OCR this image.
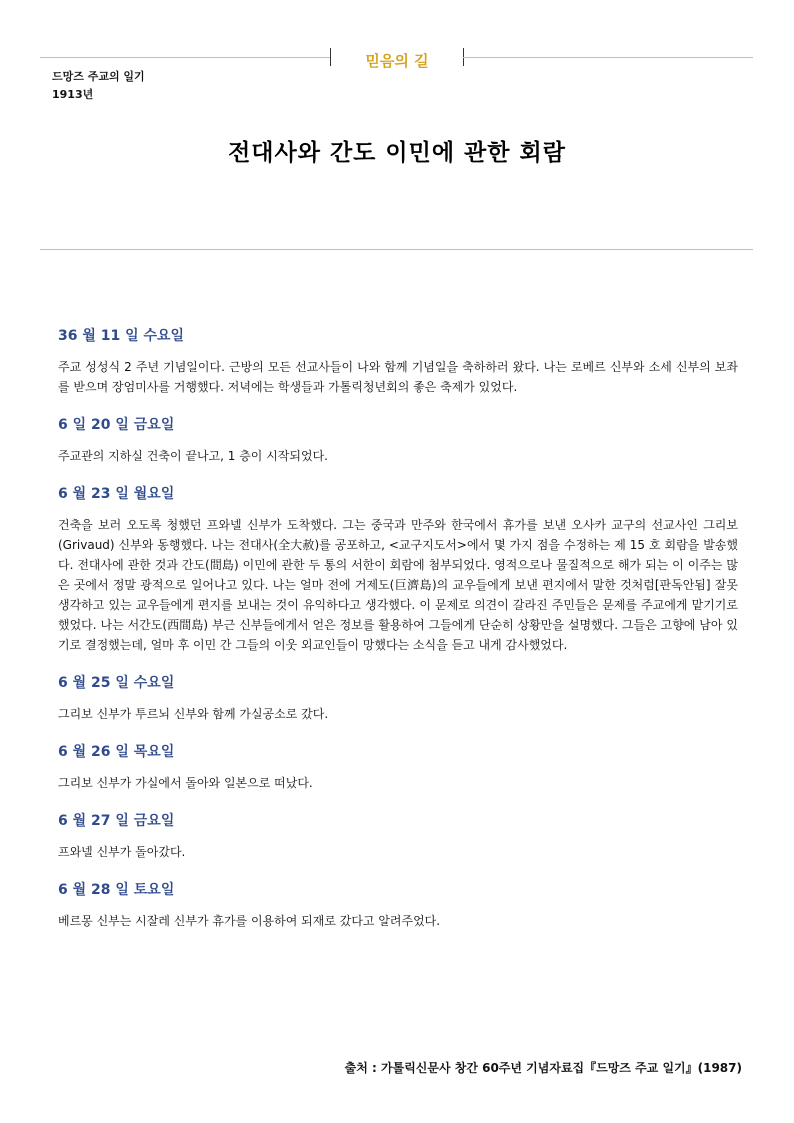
믿음의 길
드망즈 주교의 일기
1913년
전대사와 간도 이민에 관한 회람
36 월 11 일 수요일

주교 성성식 2 주년 기념일이다. 근방의 모든 선교사들이 나와 함께 기념일을 축하하러 왔다. 나는 로베르 신부와 소세 신부의 보좌를 받으며 장엄미사를 거행했다. 저녁에는 학생들과 가톨릭청년회의 좋은 축제가 있었다.

6 일 20 일 금요일

주교관의 지하실 건축이 끝나고, 1 층이 시작되었다.

6 월 23 일 월요일

건축을 보러 오도록 청했던 프와넬 신부가 도착했다. 그는 중국과 만주와 한국에서 휴가를 보낸 오사카 교구의 선교사인 그리보(Grivaud) 신부와 동행했다. 나는 전대사(全大赦)를 공포하고, <교구지도서>에서 몇 가지 점을 수정하는 제 15 호 회람을 발송했다. 전대사에 관한 것과 간도(間島) 이민에 관한 두 통의 서한이 회람에 첨부되었다. 영적으로나 물질적으로 해가 되는 이 이주는 많은 곳에서 정말 광적으로 일어나고 있다. 나는 얼마 전에 거제도(巨濟島)의 교우들에게 보낸 편지에서 말한 것처럼[판독안됨] 잘못 생각하고 있는 교우들에게 편지를 보내는 것이 유익하다고 생각했다. 이 문제로 의견이 갈라진 주민들은 문제를 주교에게 맡기기로 했었다. 나는 서간도(西間島) 부근 신부들에게서 얻은 정보를 활용하여 그들에게 단순히 상황만을 설명했다. 그들은 고향에 남아 있기로 결정했는데, 얼마 후 이민 간 그들의 이웃 외교인들이 망했다는 소식을 듣고 내게 감사했었다.

6 월 25 일 수요일

그리보 신부가 투르뇌 신부와 함께 가실공소로 갔다.

6 월 26 일 목요일

그리보 신부가 가실에서 돌아와 일본으로 떠났다.

6 월 27 일 금요일

프와넬 신부가 돌아갔다.

6 월 28 일 토요일

베르몽 신부는 시잘레 신부가 휴가를 이용하여 되재로 갔다고 알려주었다.

출처 : 가톨릭신문사 창간 60주년 기념자료집『드망즈 주교 일기』(1987)
